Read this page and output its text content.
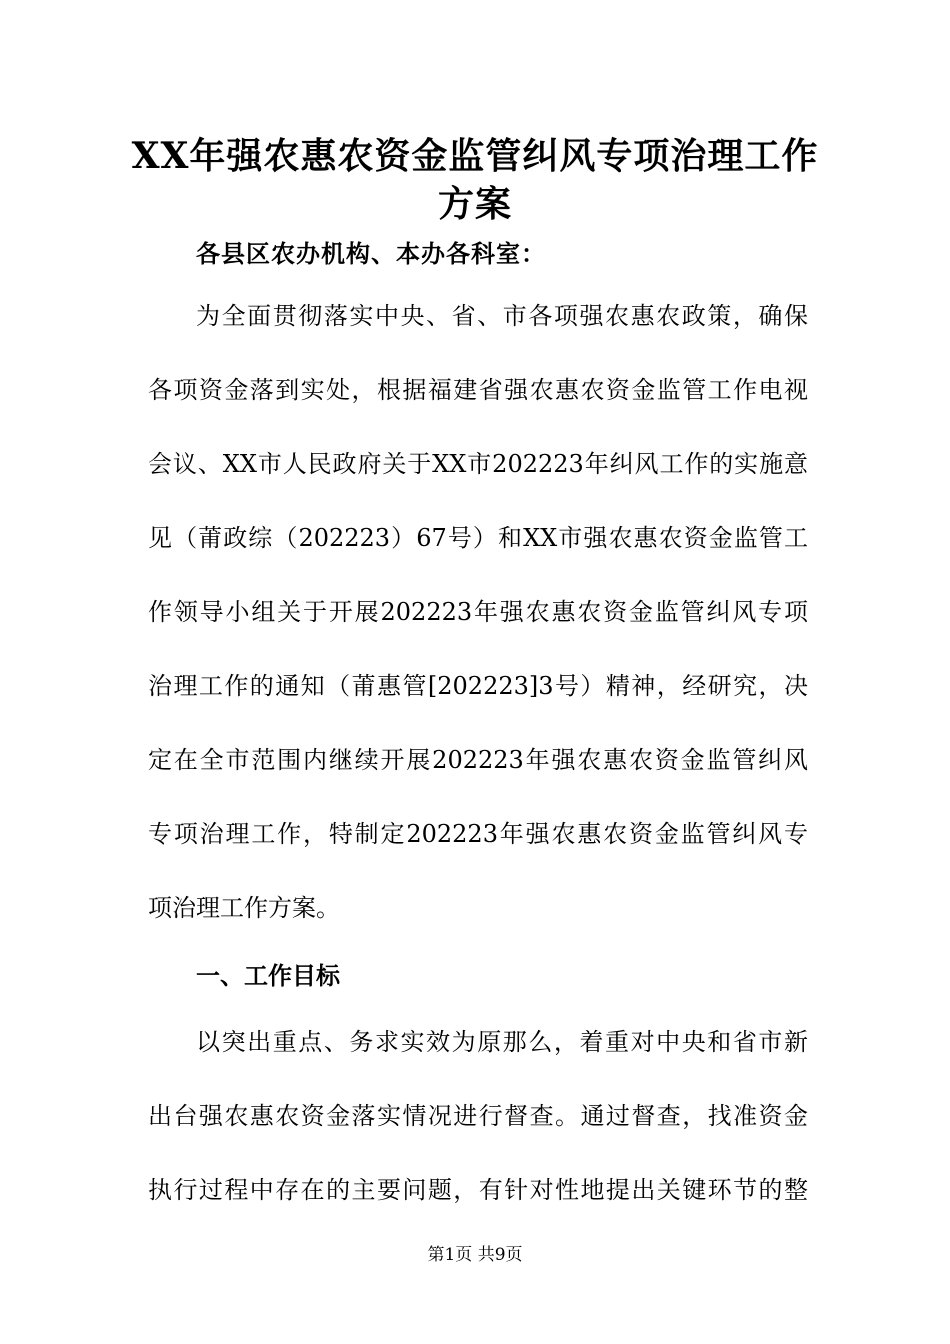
XX年强农惠农资金监管纠风专项治理工作
方案
各县区农办机构、本办各科室：
为全面贯彻落实中央、省、市各项强农惠农政策，确保
各项资金落到实处，根据福建省强农惠农资金监管工作电视
会议、XX市人民政府关于XX市202223年纠风工作的实施意
见（莆政综（202223）67号）和XX市强农惠农资金监管工
作领导小组关于开展202223年强农惠农资金监管纠风专项
治理工作的通知（莆惠管[202223]3号）精神，经研究，决
定在全市范围内继续开展202223年强农惠农资金监管纠风
专项治理工作，特制定202223年强农惠农资金监管纠风专
项治理工作方案。
一、工作目标
以突出重点、务求实效为原那么，着重对中央和省市新
出台强农惠农资金落实情况进行督查。通过督查，找准资金
执行过程中存在的主要问题，有针对性地提出关键环节的整
第1页 共9页
